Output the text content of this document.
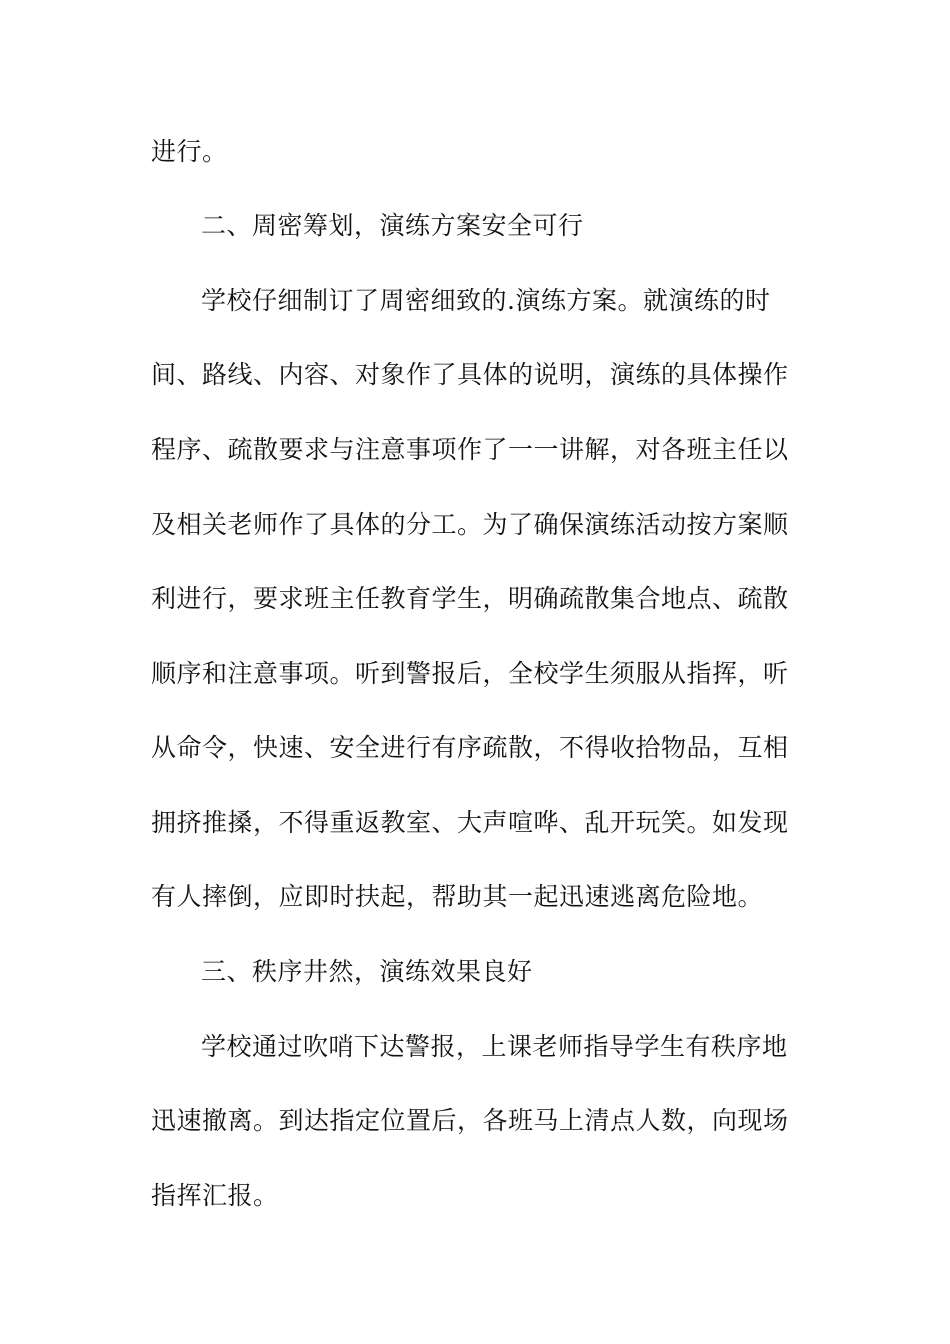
进行。
二、周密筹划，演练方案安全可行
学校仔细制订了周密细致的.演练方案。就演练的时
间、路线、内容、对象作了具体的说明，演练的具体操作
程序、疏散要求与注意事项作了一一讲解，对各班主任以
及相关老师作了具体的分工。为了确保演练活动按方案顺
利进行，要求班主任教育学生，明确疏散集合地点、疏散
顺序和注意事项。听到警报后，全校学生须服从指挥，听
从命令，快速、安全进行有序疏散，不得收拾物品，互相
拥挤推搡，不得重返教室、大声喧哗、乱开玩笑。如发现
有人摔倒，应即时扶起，帮助其一起迅速逃离危险地。
三、秩序井然，演练效果良好
学校通过吹哨下达警报，上课老师指导学生有秩序地
迅速撤离。到达指定位置后，各班马上清点人数，向现场
指挥汇报。
